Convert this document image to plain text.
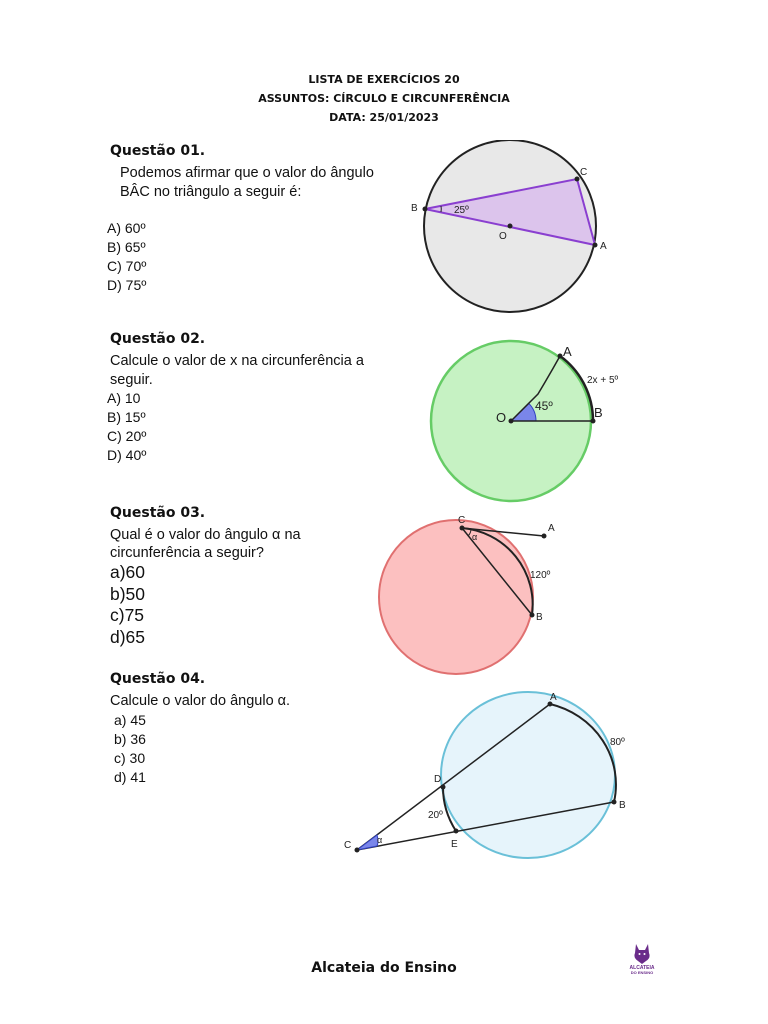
LISTA DE EXERCÍCIOS 20
ASSUNTOS: CÍRCULO E CIRCUNFERÊNCIA
DATA: 25/01/2023
Questão 01.
Podemos afirmar que o valor do ângulo
BÂC no triângulo a seguir é:
A) 60º
B) 65º
C) 70º
D) 75º
B
C
A
O
25º
Questão 02.
Calcule o valor de x na circunferência a
seguir.
A) 10
B) 15º
C) 20º
D) 40º
O
A
B
45º
2x + 5º
Questão 03.
Qual é o valor do ângulo α na
circunferência a seguir?
a)60
b)50
c)75
d)65
C
A
B
α
120º
Questão 04.
Calcule o valor do ângulo α.
a) 45
b) 36
c) 30
d) 41
A
B
C
D
E
80º
20º
α
Alcateia do Ensino	ALCATEIA
DO ENSINO
